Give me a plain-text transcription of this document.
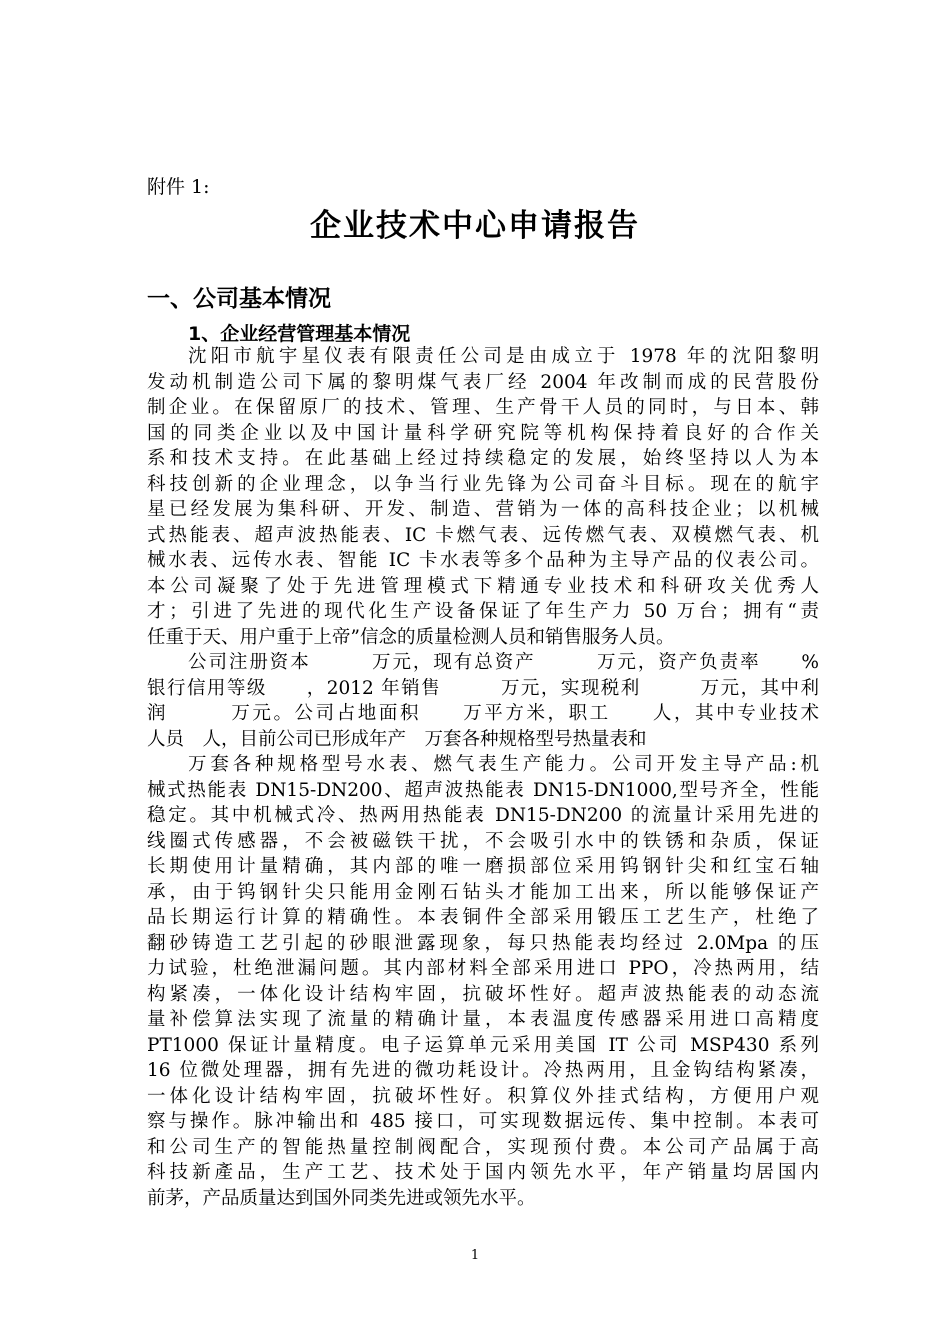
附件 1:
企业技术中心申请报告
一、公司基本情况
1、企业经营管理基本情况
沈阳市航宇星仪表有限责任公司是由成立于 1978 年的沈阳黎明
发动机制造公司下属的黎明煤气表厂经 2004 年改制而成的民营股份
制企业。在保留原厂的技术、管理、生产骨干人员的同时，与日本、韩
国的同类企业以及中国计量科学研究院等机构保持着良好的合作关
系和技术支持。在此基础上经过持续稳定的发展，始终坚持以人为本
科技创新的企业理念，以争当行业先锋为公司奋斗目标。现在的航宇
星已经发展为集科研、开发、制造、营销为一体的高科技企业；以机械
式热能表、超声波热能表、IC 卡燃气表、远传燃气表、双模燃气表、机
械水表、远传水表、智能 IC 卡水表等多个品种为主导产品的仪表公司。
本公司凝聚了处于先进管理模式下精通专业技术和科研攻关优秀人
才；引进了先进的现代化生产设备保证了年生产力 50 万台；拥有“责
任重于天、用户重于上帝”信念的质量检测人员和销售服务人员。
公司注册资本　　　万元，现有总资产　　　万元，资产负责率　　%
银行信用等级　　，2012 年销售　　　万元，实现税利　　　万元，其中利
润　　　万元。公司占地面积　　万平方米，职工　　人，其中专业技术
人员　人，目前公司已形成年产　万套各种规格型号热量表和
万套各种规格型号水表、燃气表生产能力。公司开发主导产品:机
械式热能表 DN15-DN200、超声波热能表 DN15-DN1000,型号齐全，性能
稳定。其中机械式冷、热两用热能表 DN15-DN200 的流量计采用先进的
线圈式传感器，不会被磁铁干扰，不会吸引水中的铁锈和杂质，保证
长期使用计量精确，其内部的唯一磨损部位采用钨钢针尖和红宝石轴
承，由于钨钢针尖只能用金刚石钻头才能加工出来，所以能够保证产
品长期运行计算的精确性。本表铜件全部采用锻压工艺生产，杜绝了
翻砂铸造工艺引起的砂眼泄露现象，每只热能表均经过 2.0Mpa 的压
力试验，杜绝泄漏问题。其内部材料全部采用进口 PPO，冷热两用，结
构紧凑，一体化设计结构牢固，抗破坏性好。超声波热能表的动态流
量补偿算法实现了流量的精确计量，本表温度传感器采用进口高精度
PT1000 保证计量精度。电子运算单元采用美国 IT 公司 MSP430 系列
16 位微处理器，拥有先进的微功耗设计。冷热两用，且金钩结构紧凑，
一体化设计结构牢固，抗破坏性好。积算仪外挂式结构，方便用户观
察与操作。脉冲输出和 485 接口，可实现数据远传、集中控制。本表可
和公司生产的智能热量控制阀配合，实现预付费。本公司产品属于高
科技新產品，生产工艺、技术处于国内领先水平，年产销量均居国内
前茅，产品质量达到国外同类先进或领先水平。
1
